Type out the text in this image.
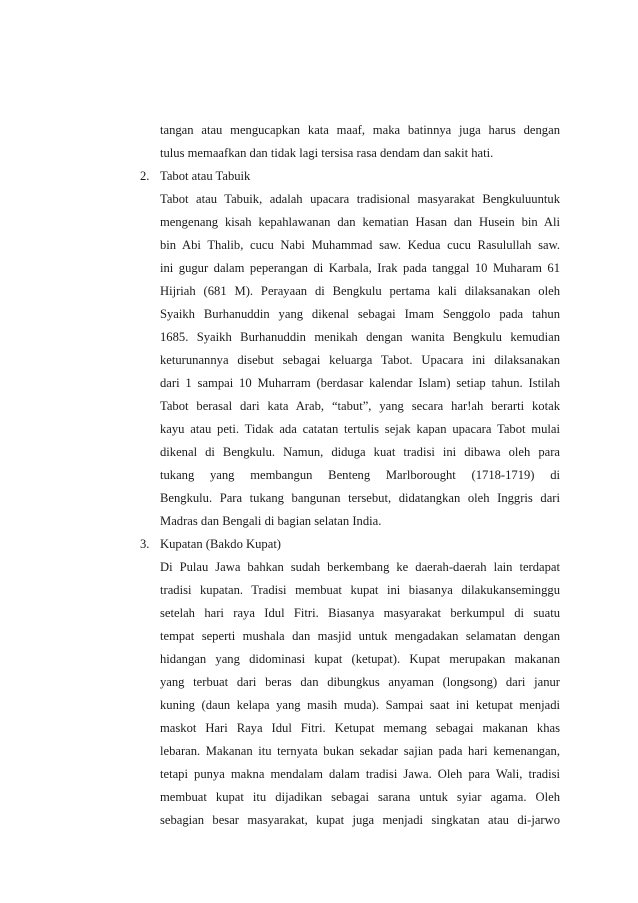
tangan atau mengucapkan kata maaf, maka batinnya juga harus dengan
tulus memaafkan dan tidak lagi tersisa rasa dendam dan sakit hati.
2. Tabot atau Tabuik
Tabot atau Tabuik, adalah upacara tradisional masyarakat Bengkuluuntuk
mengenang kisah kepahlawanan dan kematian Hasan dan Husein bin Ali
bin Abi Thalib, cucu Nabi Muhammad saw. Kedua cucu Rasulullah saw.
ini gugur dalam peperangan di Karbala, Irak pada tanggal 10 Muharam 61
Hijriah (681 M). Perayaan di Bengkulu pertama kali dilaksanakan oleh
Syaikh Burhanuddin yang dikenal sebagai Imam Senggolo pada tahun
1685. Syaikh Burhanuddin menikah dengan wanita Bengkulu kemudian
keturunannya disebut sebagai keluarga Tabot. Upacara ini dilaksanakan
dari 1 sampai 10 Muharram (berdasar kalendar Islam) setiap tahun. Istilah
Tabot berasal dari kata Arab, “tabut”, yang secara har!ah berarti kotak
kayu atau peti. Tidak ada catatan tertulis sejak kapan upacara Tabot mulai
dikenal di Bengkulu. Namun, diduga kuat tradisi ini dibawa oleh para
tukang yang membangun Benteng Marlborought (1718-1719) di
Bengkulu. Para tukang bangunan tersebut, didatangkan oleh Inggris dari
Madras dan Bengali di bagian selatan India.
3. Kupatan (Bakdo Kupat)
Di Pulau Jawa bahkan sudah berkembang ke daerah-daerah lain terdapat
tradisi kupatan. Tradisi membuat kupat ini biasanya dilakukanseminggu
setelah hari raya Idul Fitri. Biasanya masyarakat berkumpul di suatu
tempat seperti mushala dan masjid untuk mengadakan selamatan dengan
hidangan yang didominasi kupat (ketupat). Kupat merupakan makanan
yang terbuat dari beras dan dibungkus anyaman (longsong) dari janur
kuning (daun kelapa yang masih muda). Sampai saat ini ketupat menjadi
maskot Hari Raya Idul Fitri. Ketupat memang sebagai makanan khas
lebaran. Makanan itu ternyata bukan sekadar sajian pada hari kemenangan,
tetapi punya makna mendalam dalam tradisi Jawa. Oleh para Wali, tradisi
membuat kupat itu dijadikan sebagai sarana untuk syiar agama. Oleh
sebagian besar masyarakat, kupat juga menjadi singkatan atau di-jarwo
